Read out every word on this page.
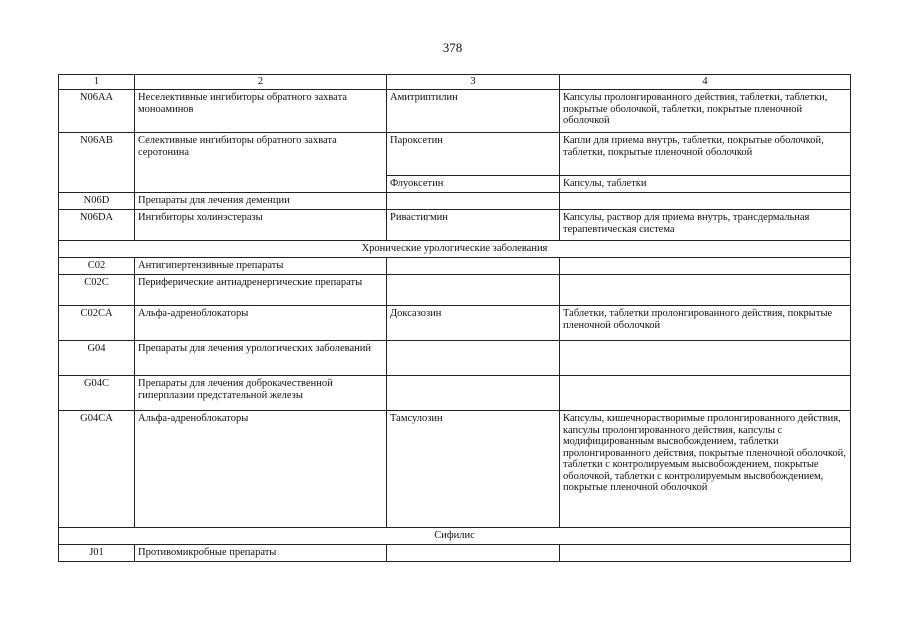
378
1	2	3	4
N06AA	Неселективные ингибиторы обратного захвата моноаминов	Амитриптилин	Капсулы пролонгированного действия, таблетки, таблетки, покрытые оболочкой, таблетки, покрытые пленочной оболочкой
N06AB	Селективные ингибиторы обратного захвата серотонина	Пароксетин	Капли для приема внутрь, таблетки, покрытые оболочкой, таблетки, покрытые пленочной оболочкой
		Флуоксетин	Капсулы, таблетки
N06D	Препараты для лечения деменции		
N06DA	Ингибиторы холинэстеразы	Ривастигмин	Капсулы, раствор для приема внутрь, трансдермальная терапевтическая система
Хронические урологические заболевания			
C02	Антигипертензивные препараты		
C02C	Периферические антиадренергические препараты		
C02CA	Альфа-адреноблокаторы	Доксазозин	Таблетки, таблетки пролонгированного действия, покрытые пленочной оболочкой
G04	Препараты для лечения урологических заболеваний		
G04C	Препараты для лечения доброкачественной гиперплазии предстательной железы		
G04CA	Альфа-адреноблокаторы	Тамсулозин	Капсулы, кишечнорастворимые пролонгированного действия, капсулы пролонгированного действия, капсулы с модифицированным высвобождением, таблетки пролонгированного действия, покрытые пленочной оболочкой, таблетки с контролируемым высвобождением, покрытые оболочкой, таблетки с контролируемым высвобождением, покрытые пленочной оболочкой
Сифилис			
J01	Противомикробные препараты		
